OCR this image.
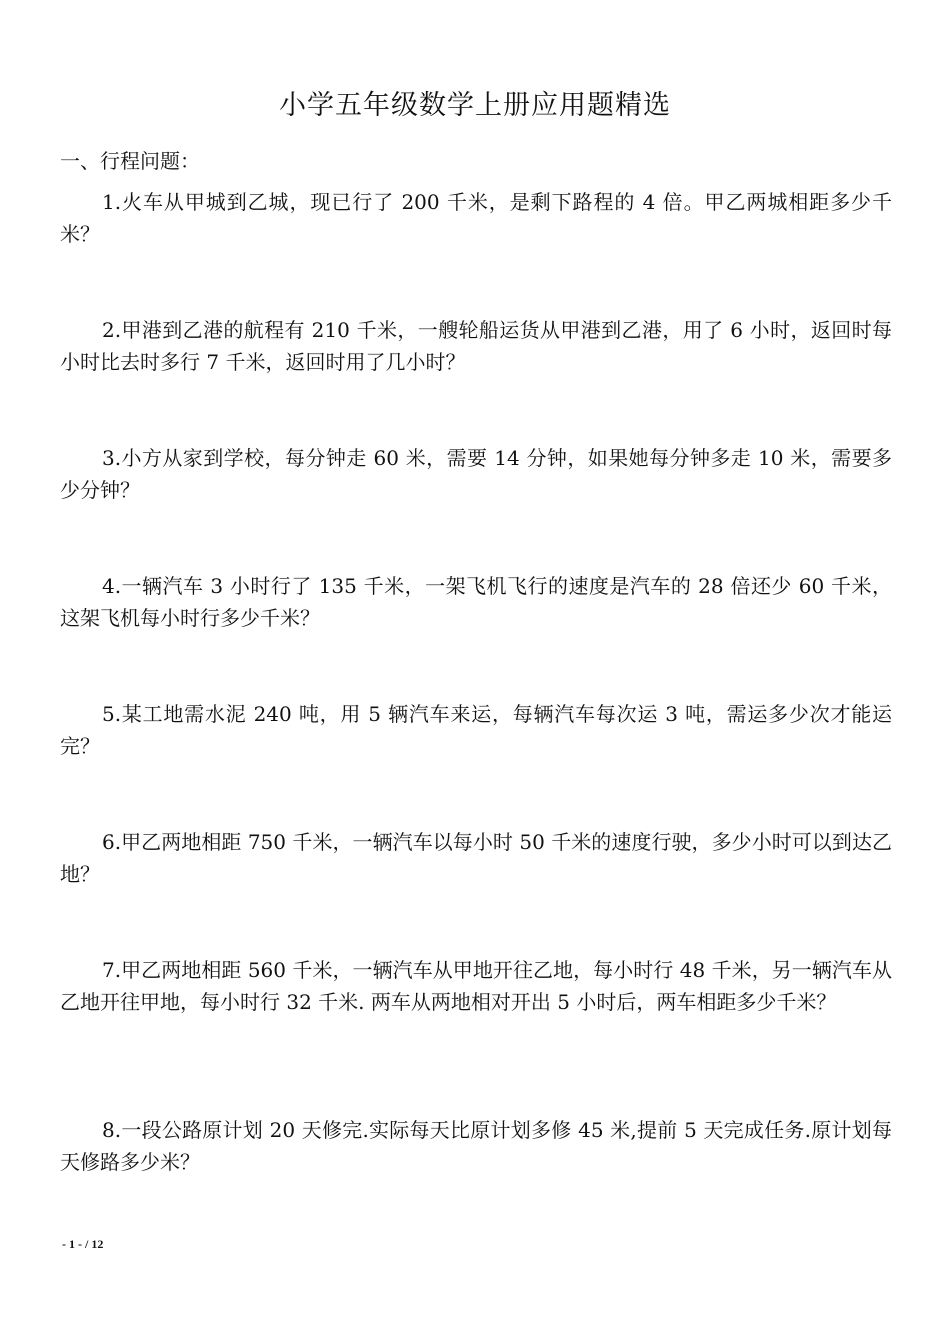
小学五年级数学上册应用题精选
一、行程问题：

1.火车从甲城到乙城，现已行了 200 千米，是剩下路程的 4 倍。甲乙两城相距多少千米？

2.甲港到乙港的航程有 210 千米，一艘轮船运货从甲港到乙港，用了 6 小时，返回时每小时比去时多行 7 千米，返回时用了几小时？

3.小方从家到学校，每分钟走 60 米，需要 14 分钟，如果她每分钟多走 10 米，需要多少分钟？

4.一辆汽车 3 小时行了 135 千米，一架飞机飞行的速度是汽车的 28 倍还少 60 千米，这架飞机每小时行多少千米？

5.某工地需水泥 240 吨，用 5 辆汽车来运，每辆汽车每次运 3 吨，需运多少次才能运完？

6.甲乙两地相距 750 千米，一辆汽车以每小时 50 千米的速度行驶，多少小时可以到达乙地？

7.甲乙两地相距 560 千米，一辆汽车从甲地开往乙地，每小时行 48 千米，另一辆汽车从乙地开往甲地，每小时行 32 千米. 两车从两地相对开出 5 小时后，两车相距多少千米？

8.一段公路原计划 20 天修完.实际每天比原计划多修 45 米,提前 5 天完成任务.原计划每天修路多少米？

- 1 - / 12
